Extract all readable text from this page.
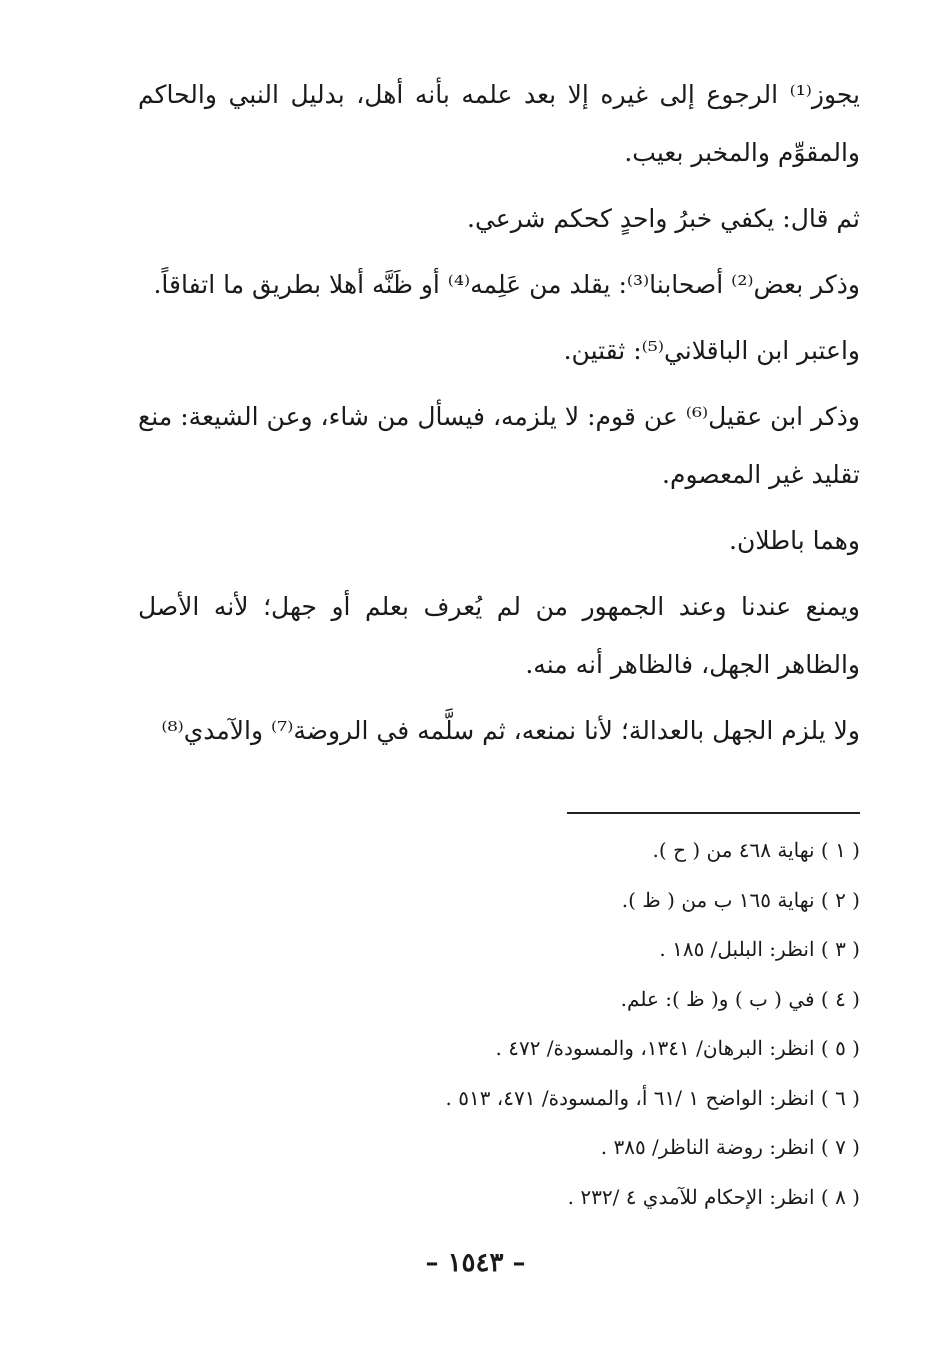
يجوز⁽¹⁾ الرجوع إلى غيره إلا بعد علمه بأنه أهل، بدليل النبي والحاكم والمقوِّم والمخبر بعيب.

ثم قال: يكفي خبرُ واحدٍ كحكم شرعي.

وذكر بعض⁽²⁾ أصحابنا⁽³⁾: يقلد من عَلِمه⁽⁴⁾ أو ظَنَّه أهلا بطريق ما اتفاقاً.

واعتبر ابن الباقلاني⁽⁵⁾: ثقتين.

وذكر ابن عقيل⁽⁶⁾ عن قوم: لا يلزمه، فيسأل من شاء، وعن الشيعة: منع تقليد غير المعصوم.

وهما باطلان.

ويمنع عندنا وعند الجمهور من لم يُعرف بعلم أو جهل؛ لأنه الأصل والظاهر الجهل، فالظاهر أنه منه.

ولا يلزم الجهل بالعدالة؛ لأنا نمنعه، ثم سلَّمه في الروضة⁽⁷⁾ والآمدي⁽⁸⁾

( ١ ) نهاية ٤٦٨ من ( ح ).

( ٢ ) نهاية ١٦٥ ب من ( ظ ).

( ٣ ) انظر: البلبل/ ١٨٥ .

( ٤ ) في ( ب ) و( ظ ): علم.

( ٥ ) انظر: البرهان/ ١٣٤١، والمسودة/ ٤٧٢ .

( ٦ ) انظر: الواضح ١ /٦١ أ، والمسودة/ ٤٧١، ٥١٣ .

( ٧ ) انظر: روضة الناظر/ ٣٨٥ .

( ٨ ) انظر: الإحكام للآمدي ٤ /٢٣٢ .

– ١٥٤٣ –
